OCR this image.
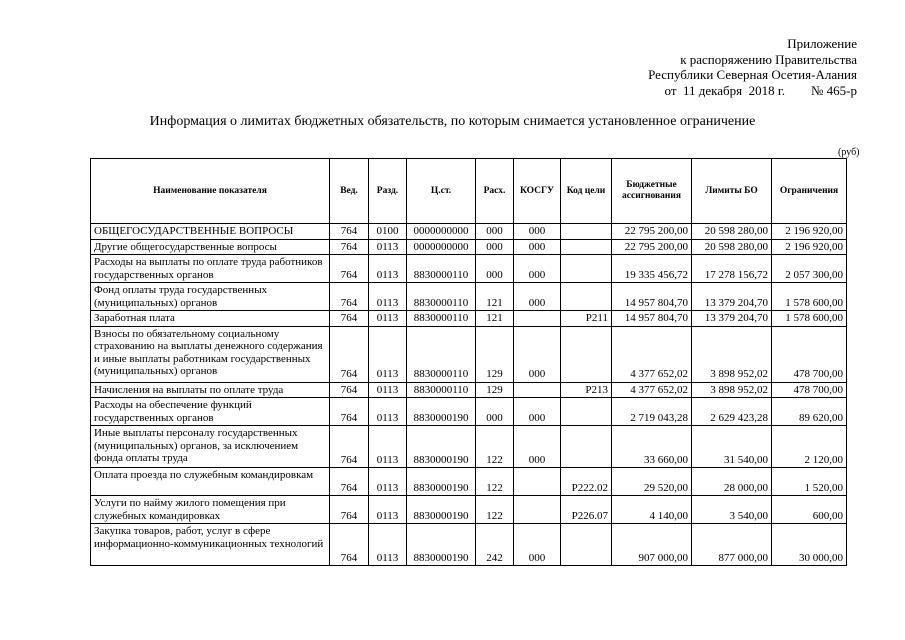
Приложение
к распоряжению Правительства
Республики Северная Осетия-Алания
от  11 декабря  2018 г.        № 465-р
Информация о лимитах бюджетных обязательств, по которым снимается установленное ограничение
(руб)
Наименование показателя	Вед.	Разд.	Ц.ст.	Расх.	КОСГУ	Код цели	Бюджетные ассигнования	Лимиты БО	Ограничения
ОБЩЕГОСУДАРСТВЕННЫЕ ВОПРОСЫ	764	0100	0000000000	000	000		22 795 200,00	20 598 280,00	2 196 920,00
Другие общегосударственные вопросы	764	0113	0000000000	000	000		22 795 200,00	20 598 280,00	2 196 920,00
Расходы на выплаты по оплате труда работников государственных органов	764	0113	8830000110	000	000		19 335 456,72	17 278 156,72	2 057 300,00
Фонд оплаты труда государственных (муниципальных) органов	764	0113	8830000110	121	000		14 957 804,70	13 379 204,70	1 578 600,00
Заработная плата	764	0113	8830000110	121		Р211	14 957 804,70	13 379 204,70	1 578 600,00
Взносы по обязательному социальному страхованию на выплаты денежного содержания и иные выплаты работникам государственных (муниципальных) органов	764	0113	8830000110	129	000		4 377 652,02	3 898 952,02	478 700,00
Начисления на выплаты по оплате труда	764	0113	8830000110	129		Р213	4 377 652,02	3 898 952,02	478 700,00
Расходы на обеспечение функций государственных органов	764	0113	8830000190	000	000		2 719 043,28	2 629 423,28	89 620,00
Иные выплаты персоналу государственных (муниципальных) органов, за исключением фонда оплаты труда	764	0113	8830000190	122	000		33 660,00	31 540,00	2 120,00
Оплата проезда по служебным командировкам	764	0113	8830000190	122		Р222.02	29 520,00	28 000,00	1 520,00
Услуги по найму жилого помещения при служебных командировках	764	0113	8830000190	122		Р226.07	4 140,00	3 540,00	600,00
Закупка товаров, работ, услуг в сфере информационно-коммуникационных технологий	764	0113	8830000190	242	000		907 000,00	877 000,00	30 000,00
